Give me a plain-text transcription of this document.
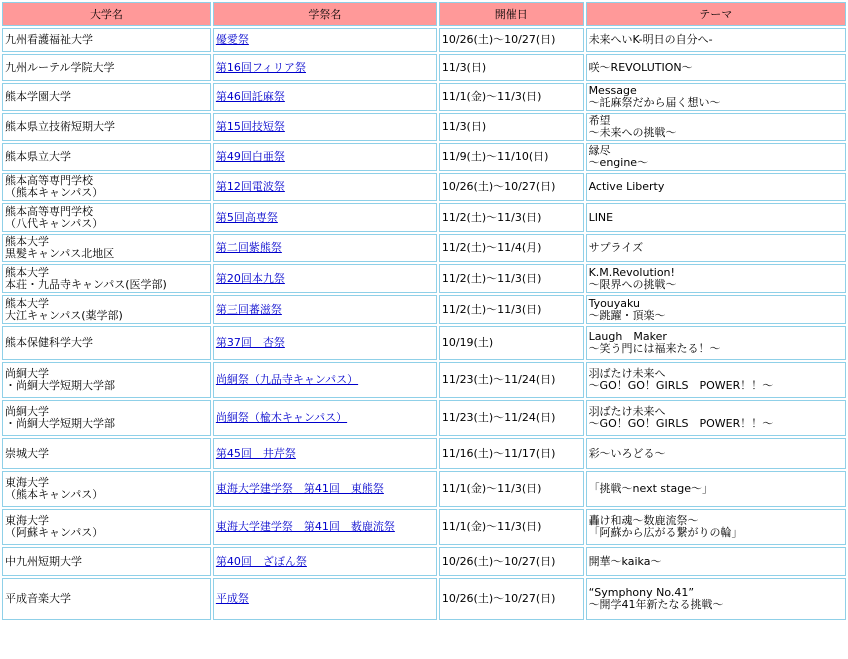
大学名	学祭名	開催日	テーマ

九州看護福祉大学	優愛祭	10/26(土)～10/27(日)	未来へいK-明日の自分へ-

九州ルーテル学院大学	第16回フィリア祭	11/3(日)	咲～REVOLUTION～

熊本学園大学	第46回託麻祭	11/1(金)～11/3(日)	Message
～託麻祭だから届く想い～

熊本県立技術短期大学	第15回技短祭	11/3(日)	希望
～未来への挑戦～

熊本県立大学	第49回白亜祭	11/9(土)～11/10(日)	縁尽
～engine～

熊本高等専門学校
（熊本キャンパス）	第12回電波祭	10/26(土)～10/27(日)	Active Liberty

熊本高等専門学校
（八代キャンパス）	第5回高専祭	11/2(土)～11/3(日)	LINE

熊本大学
黒髪キャンパス北地区	第二回紫熊祭	11/2(土)～11/4(月)	サプライズ

熊本大学
本荘・九品寺キャンパス(医学部)	第20回本九祭	11/2(土)～11/3(日)	K.M.Revolution!
～限界への挑戦～

熊本大学
大江キャンパス(薬学部)	第三回蕃滋祭	11/2(土)～11/3(日)	Tyouyaku
～跳躍・頂楽～

熊本保健科学大学	第37回　杏祭	10/19(土)	Laugh　Maker
～笑う門には福来たる！～

尚絅大学
・尚絅大学短期大学部	尚絅祭（九品寺キャンパス）	11/23(土)～11/24(日)	羽ばたけ未来へ
～GO！GO！GIRLS　POWER！！～

尚絅大学
・尚絅大学短期大学部	尚絅祭（楡木キャンパス）	11/23(土)～11/24(日)	羽ばたけ未来へ
～GO！GO！GIRLS　POWER！！～

崇城大学	第45回　井芹祭	11/16(土)～11/17(日)	彩～いろどる～

東海大学
（熊本キャンパス）	東海大学建学祭　第41回　東熊祭	11/1(金)～11/3(日)	「挑戦～next stage～」

東海大学
（阿蘇キャンパス）	東海大学建学祭　第41回　薮鹿流祭	11/1(金)～11/3(日)	轟け和魂～数鹿流祭～
「阿蘇から広がる繋がりの輪」

中九州短期大学	第40回　ざぼん祭	10/26(土)～10/27(日)	開華～kaika～

平成音楽大学	平成祭	10/26(土)～10/27(日)	“Symphony No.41”
～開学41年新たなる挑戦～
